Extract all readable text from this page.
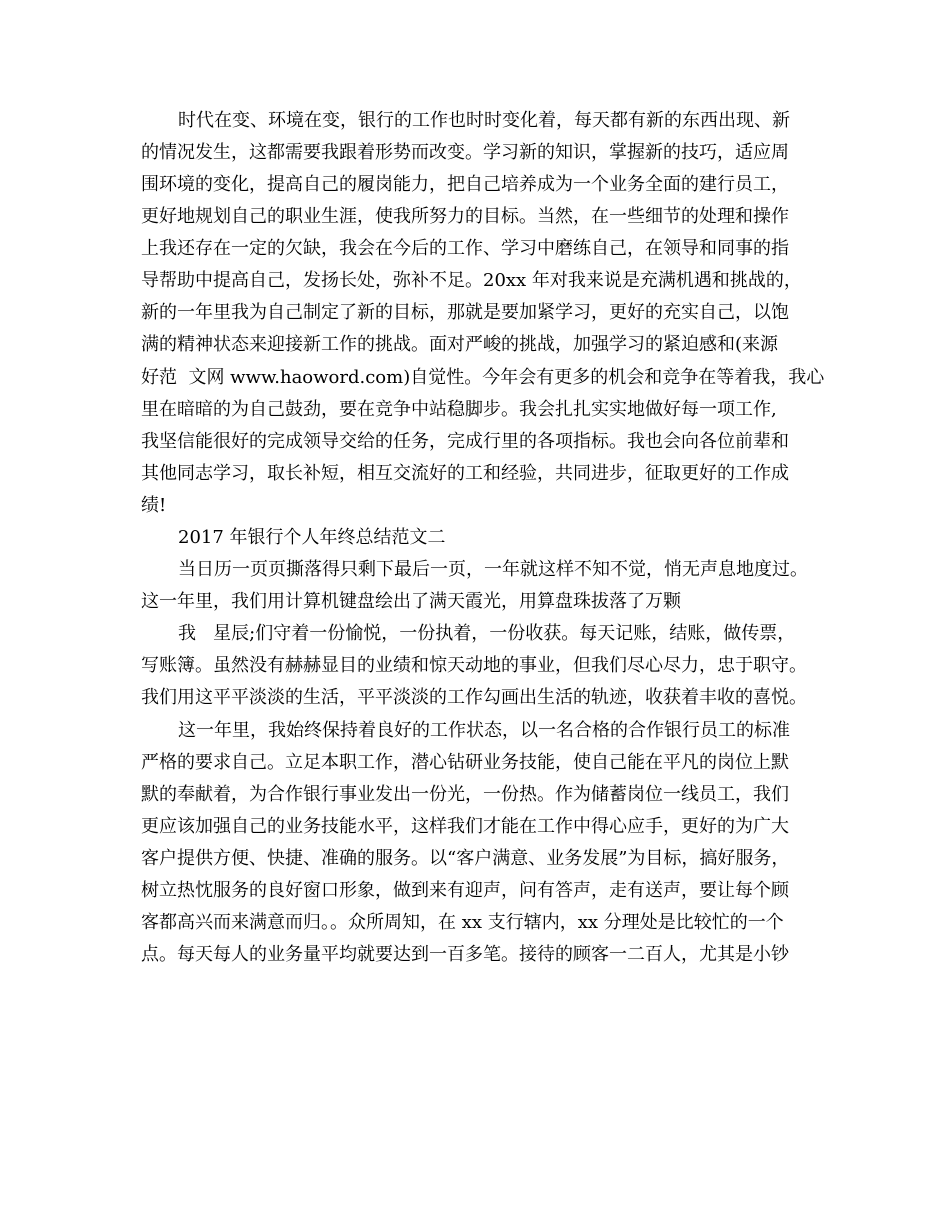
时代在变、环境在变，银行的工作也时时变化着，每天都有新的东西出现、新
的情况发生，这都需要我跟着形势而改变。学习新的知识，掌握新的技巧，适应周
围环境的变化，提高自己的履岗能力，把自己培养成为一个业务全面的建行员工，
更好地规划自己的职业生涯，使我所努力的目标。当然，在一些细节的处理和操作
上我还存在一定的欠缺，我会在今后的工作、学习中磨练自己，在领导和同事的指
导帮助中提高自己，发扬长处，弥补不足。20xx 年对我来说是充满机遇和挑战的，
新的一年里我为自己制定了新的目标，那就是要加紧学习，更好的充实自己，以饱
满的精神状态来迎接新工作的挑战。面对严峻的挑战，加强学习的紧迫感和(来源
好范  文网 www.haoword.com)自觉性。今年会有更多的机会和竞争在等着我，我心
里在暗暗的为自己鼓劲，要在竞争中站稳脚步。我会扎扎实实地做好每一项工作,
我坚信能很好的完成领导交给的任务，完成行里的各项指标。我也会向各位前辈和
其他同志学习，取长补短，相互交流好的工和经验，共同进步，征取更好的工作成
绩!
2017 年银行个人年终总结范文二
当日历一页页撕落得只剩下最后一页，一年就这样不知不觉，悄无声息地度过。
这一年里，我们用计算机键盘绘出了满天霞光，用算盘珠拔落了万颗
我   星辰;们守着一份愉悦，一份执着，一份收获。每天记账，结账，做传票，
写账簿。虽然没有赫赫显目的业绩和惊天动地的事业，但我们尽心尽力，忠于职守。
我们用这平平淡淡的生活，平平淡淡的工作勾画出生活的轨迹，收获着丰收的喜悦。
这一年里，我始终保持着良好的工作状态，以一名合格的合作银行员工的标准
严格的要求自己。立足本职工作，潜心钻研业务技能，使自己能在平凡的岗位上默
默的奉献着，为合作银行事业发出一份光，一份热。作为储蓄岗位一线员工，我们
更应该加强自己的业务技能水平，这样我们才能在工作中得心应手，更好的为广大
客户提供方便、快捷、准确的服务。以“客户满意、业务发展”为目标，搞好服务，
树立热忱服务的良好窗口形象，做到来有迎声，问有答声，走有送声，要让每个顾
客都高兴而来满意而归。。众所周知，在 xx 支行辖内，xx 分理处是比较忙的一个
点。每天每人的业务量平均就要达到一百多笔。接待的顾客一二百人，尤其是小钞
